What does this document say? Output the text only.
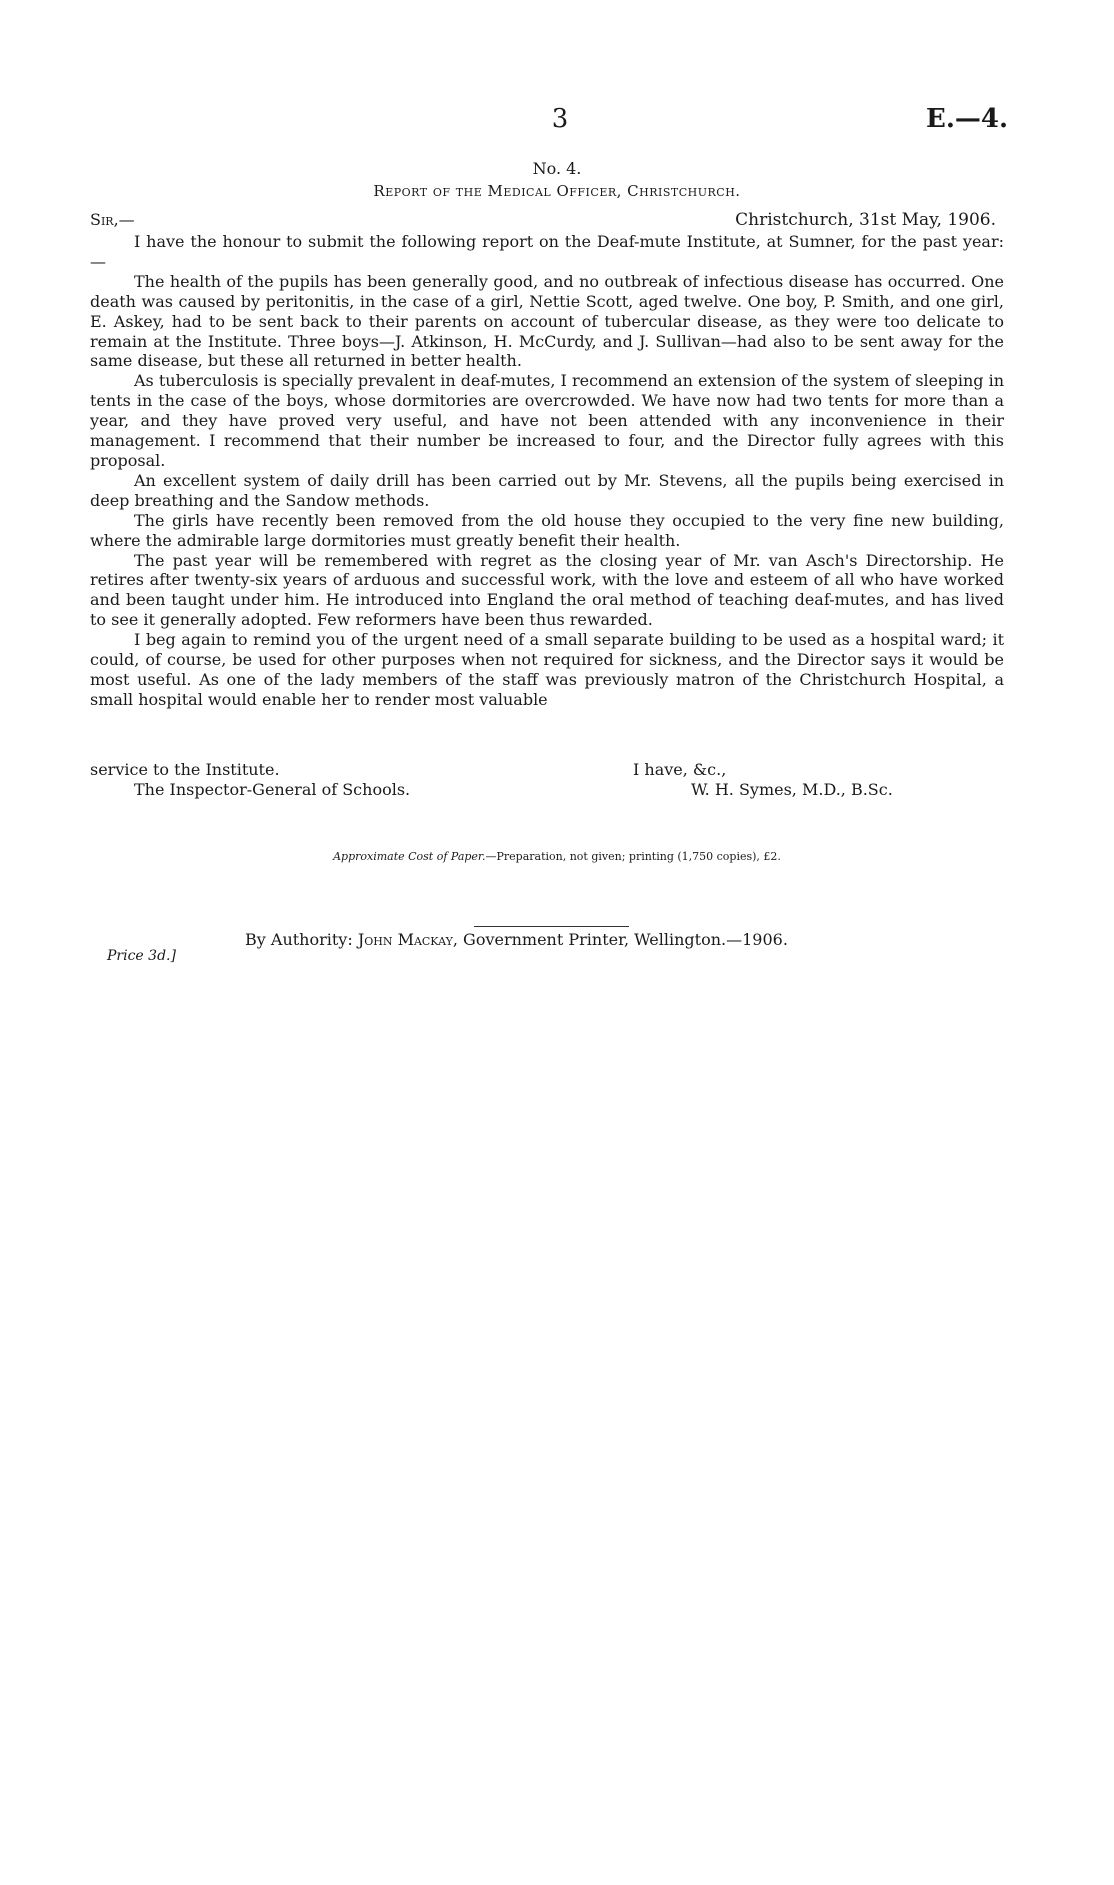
3	E.—4.
No. 4.
Report of the Medical Officer, Christchurch.
Sir,—	Christchurch, 31st May, 1906.

I have the honour to submit the following report on the Deaf-mute Institute, at Sumner, for the past year:—

The health of the pupils has been generally good, and no outbreak of infectious disease has occurred. One death was caused by peritonitis, in the case of a girl, Nettie Scott, aged twelve. One boy, P. Smith, and one girl, E. Askey, had to be sent back to their parents on account of tubercular disease, as they were too delicate to remain at the Institute. Three boys—J. Atkinson, H. McCurdy, and J. Sullivan—had also to be sent away for the same disease, but these all returned in better health.

As tuberculosis is specially prevalent in deaf-mutes, I recommend an extension of the system of sleeping in tents in the case of the boys, whose dormitories are overcrowded. We have now had two tents for more than a year, and they have proved very useful, and have not been attended with any inconvenience in their management. I recommend that their number be increased to four, and the Director fully agrees with this proposal.

An excellent system of daily drill has been carried out by Mr. Stevens, all the pupils being exercised in deep breathing and the Sandow methods.

The girls have recently been removed from the old house they occupied to the very fine new building, where the admirable large dormitories must greatly benefit their health.

The past year will be remembered with regret as the closing year of Mr. van Asch's Directorship. He retires after twenty-six years of arduous and successful work, with the love and esteem of all who have worked and been taught under him. He introduced into England the oral method of teaching deaf-mutes, and has lived to see it generally adopted. Few reformers have been thus rewarded.

I beg again to remind you of the urgent need of a small separate building to be used as a hospital ward; it could, of course, be used for other purposes when not required for sickness, and the Director says it would be most useful. As one of the lady members of the staff was previously matron of the Christchurch Hospital, a small hospital would enable her to render most valuable

service to the Institute.	I have, &c.,
The Inspector-General of Schools.	W. H. Symes, M.D., B.Sc.
Approximate Cost of Paper.—Preparation, not given; printing (1,750 copies), £2.
By Authority: John Mackay, Government Printer, Wellington.—1906.
Price 3d.]
